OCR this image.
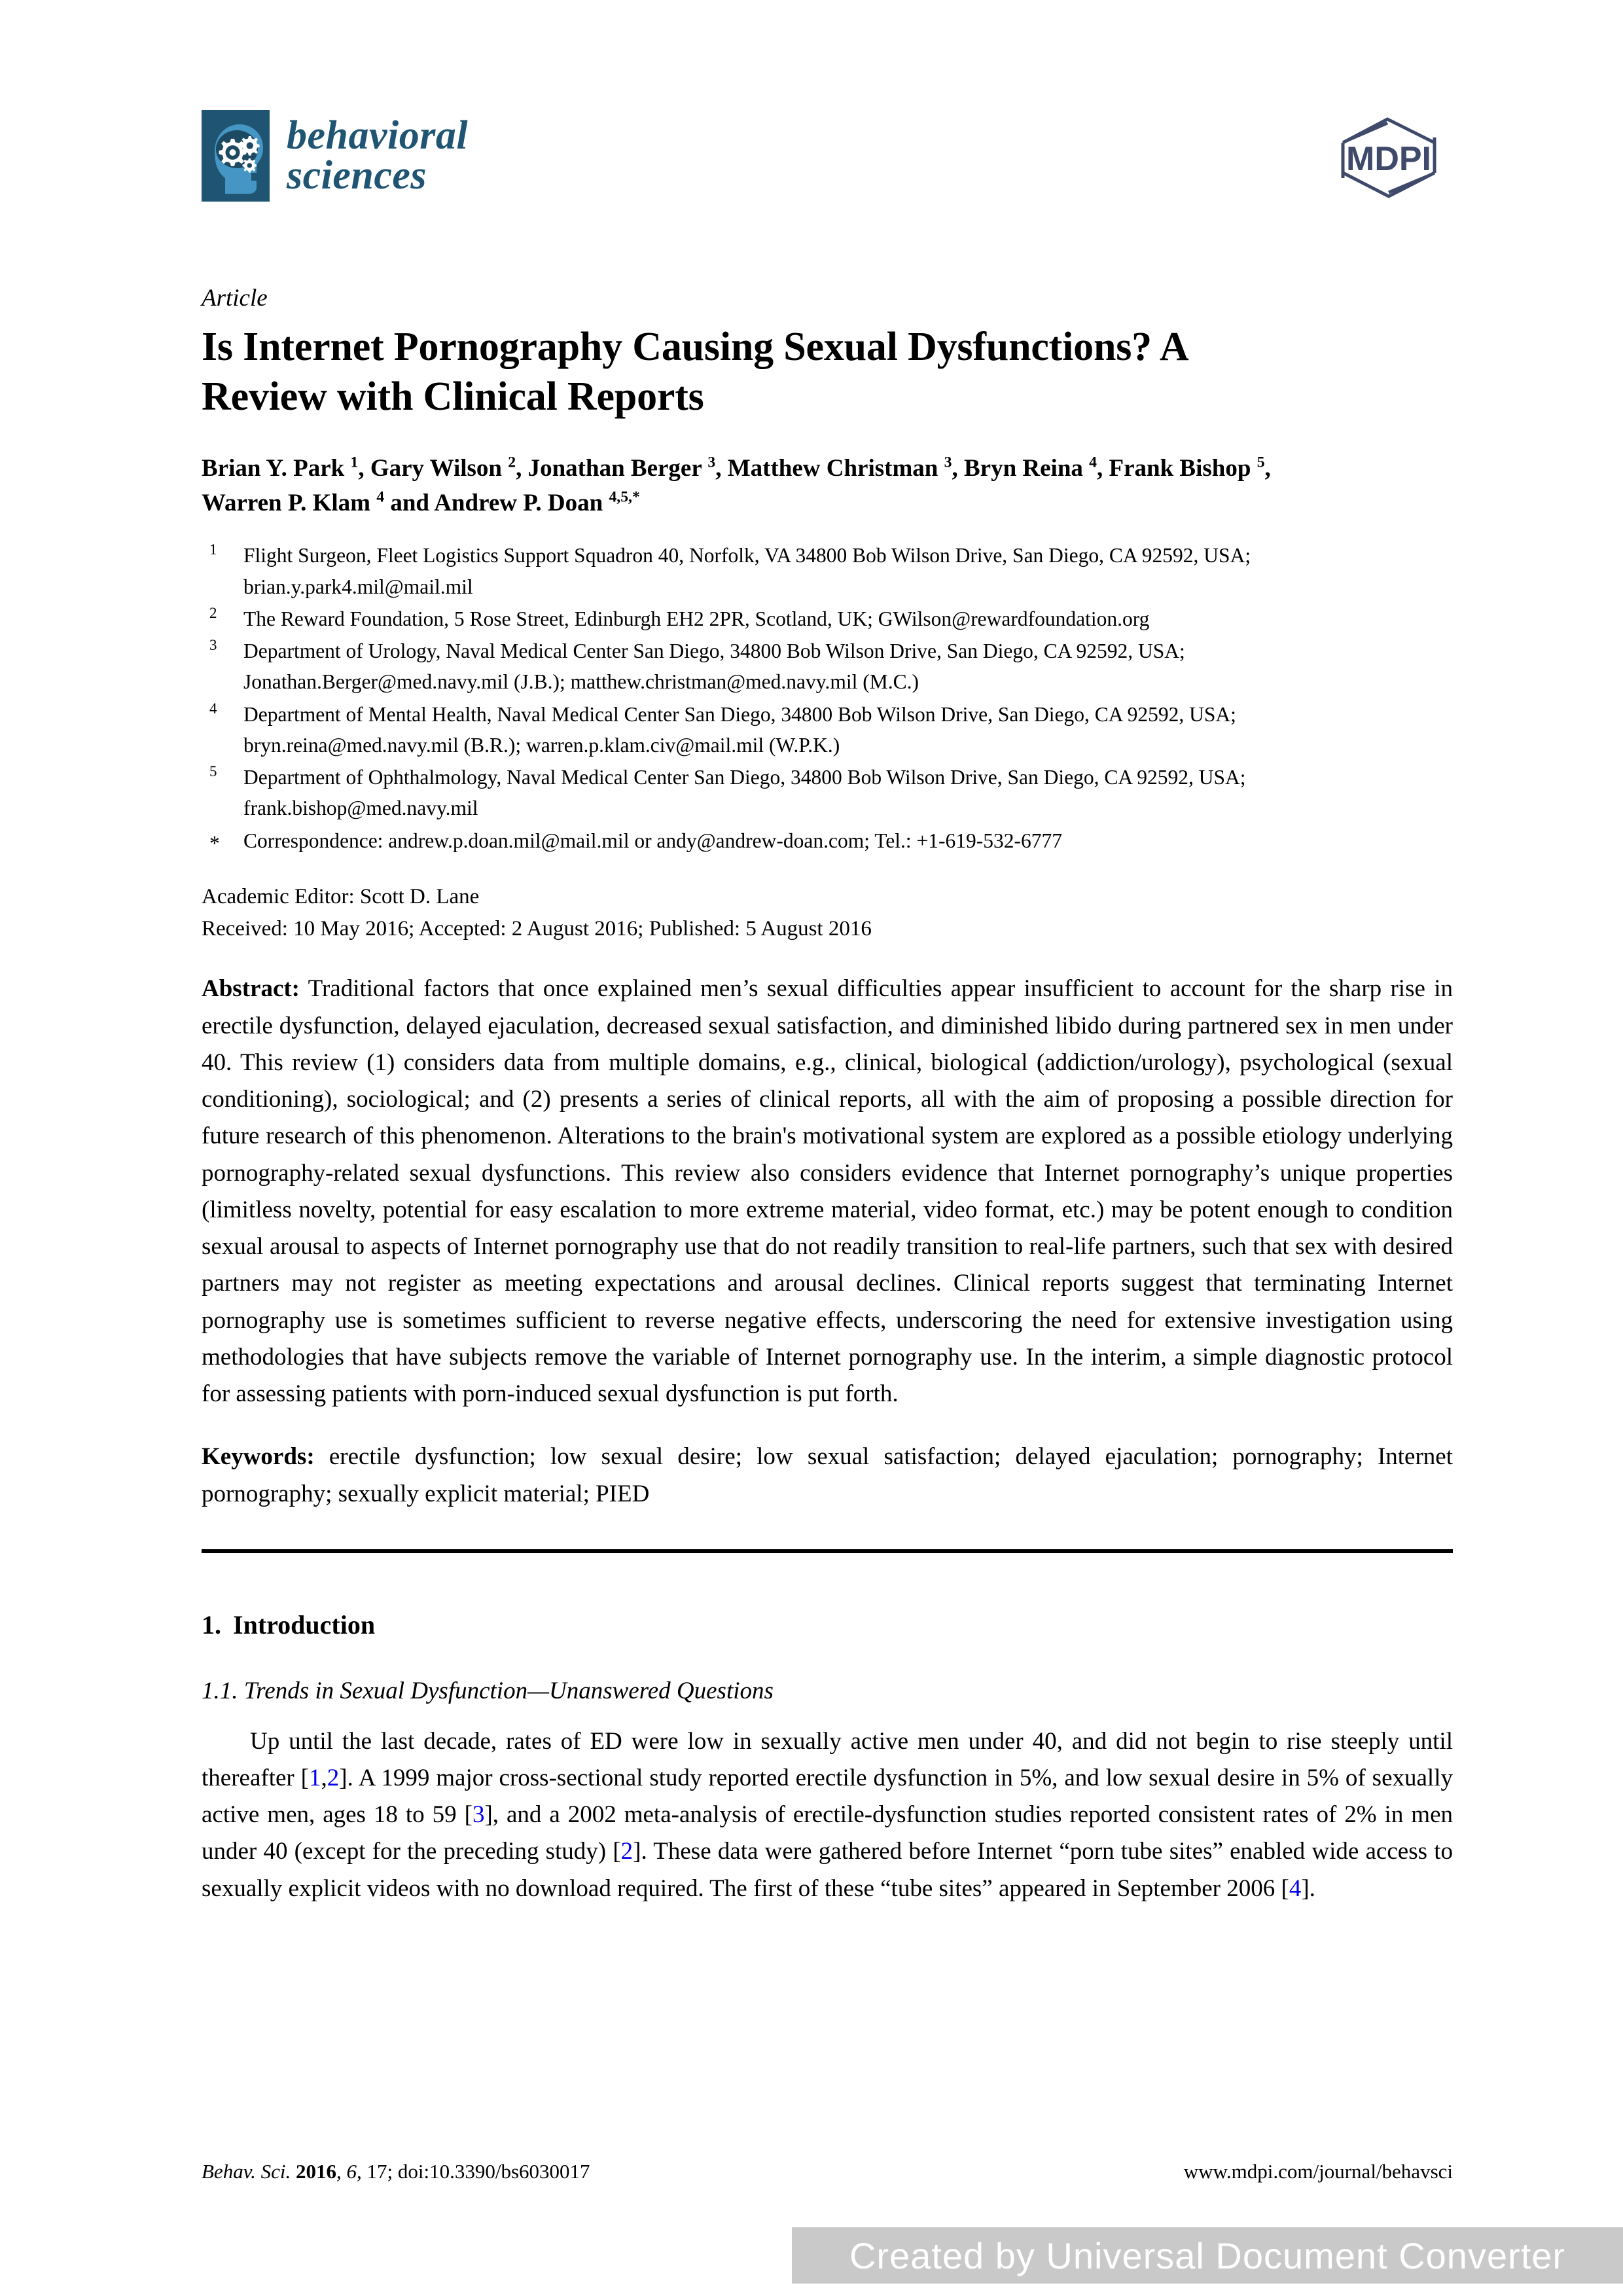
behavioral
sciences	MDPI
Article
Is Internet Pornography Causing Sexual Dysfunctions? A Review with Clinical Reports
Brian Y. Park $^1$, Gary Wilson $^2$, Jonathan Berger $^3$, Matthew Christman $^3$, Bryn Reina $^4$, Frank Bishop $^5$, Warren P. Klam $^4$ and Andrew P. Doan $^{4,5,*}$
1	Flight Surgeon, Fleet Logistics Support Squadron 40, Norfolk, VA 34800 Bob Wilson Drive, San Diego, CA 92592, USA; brian.y.park4.mil@mail.mil
2	The Reward Foundation, 5 Rose Street, Edinburgh EH2 2PR, Scotland, UK; GWilson@rewardfoundation.org
3	Department of Urology, Naval Medical Center San Diego, 34800 Bob Wilson Drive, San Diego, CA 92592, USA; Jonathan.Berger@med.navy.mil (J.B.); matthew.christman@med.navy.mil (M.C.)
4	Department of Mental Health, Naval Medical Center San Diego, 34800 Bob Wilson Drive, San Diego, CA 92592, USA; bryn.reina@med.navy.mil (B.R.); warren.p.klam.civ@mail.mil (W.P.K.)
5	Department of Ophthalmology, Naval Medical Center San Diego, 34800 Bob Wilson Drive, San Diego, CA 92592, USA; frank.bishop@med.navy.mil
*	Correspondence: andrew.p.doan.mil@mail.mil or andy@andrew-doan.com; Tel.: +1-619-532-6777
Academic Editor: Scott D. Lane
Received: 10 May 2016; Accepted: 2 August 2016; Published: 5 August 2016
Abstract: Traditional factors that once explained men’s sexual difficulties appear insufficient to account for the sharp rise in erectile dysfunction, delayed ejaculation, decreased sexual satisfaction, and diminished libido during partnered sex in men under 40. This review (1) considers data from multiple domains, e.g., clinical, biological (addiction/urology), psychological (sexual conditioning), sociological; and (2) presents a series of clinical reports, all with the aim of proposing a possible direction for future research of this phenomenon. Alterations to the brain's motivational system are explored as a possible etiology underlying pornography-related sexual dysfunctions. This review also considers evidence that Internet pornography’s unique properties (limitless novelty, potential for easy escalation to more extreme material, video format, etc.) may be potent enough to condition sexual arousal to aspects of Internet pornography use that do not readily transition to real-life partners, such that sex with desired partners may not register as meeting expectations and arousal declines. Clinical reports suggest that terminating Internet pornography use is sometimes sufficient to reverse negative effects, underscoring the need for extensive investigation using methodologies that have subjects remove the variable of Internet pornography use. In the interim, a simple diagnostic protocol for assessing patients with porn-induced sexual dysfunction is put forth.
Keywords: erectile dysfunction; low sexual desire; low sexual satisfaction; delayed ejaculation; pornography; Internet pornography; sexually explicit material; PIED
1. Introduction
1.1. Trends in Sexual Dysfunction—Unanswered Questions

Up until the last decade, rates of ED were low in sexually active men under 40, and did not begin to rise steeply until thereafter [1,2]. A 1999 major cross-sectional study reported erectile dysfunction in 5%, and low sexual desire in 5% of sexually active men, ages 18 to 59 [3], and a 2002 meta-analysis of erectile-dysfunction studies reported consistent rates of 2% in men under 40 (except for the preceding study) [2]. These data were gathered before Internet “porn tube sites” enabled wide access to sexually explicit videos with no download required. The first of these “tube sites” appeared in September 2006 [4].

Behav. Sci. 2016, 6, 17; doi:10.3390/bs6030017	www.mdpi.com/journal/behavsci
Created by Universal Document Converter
